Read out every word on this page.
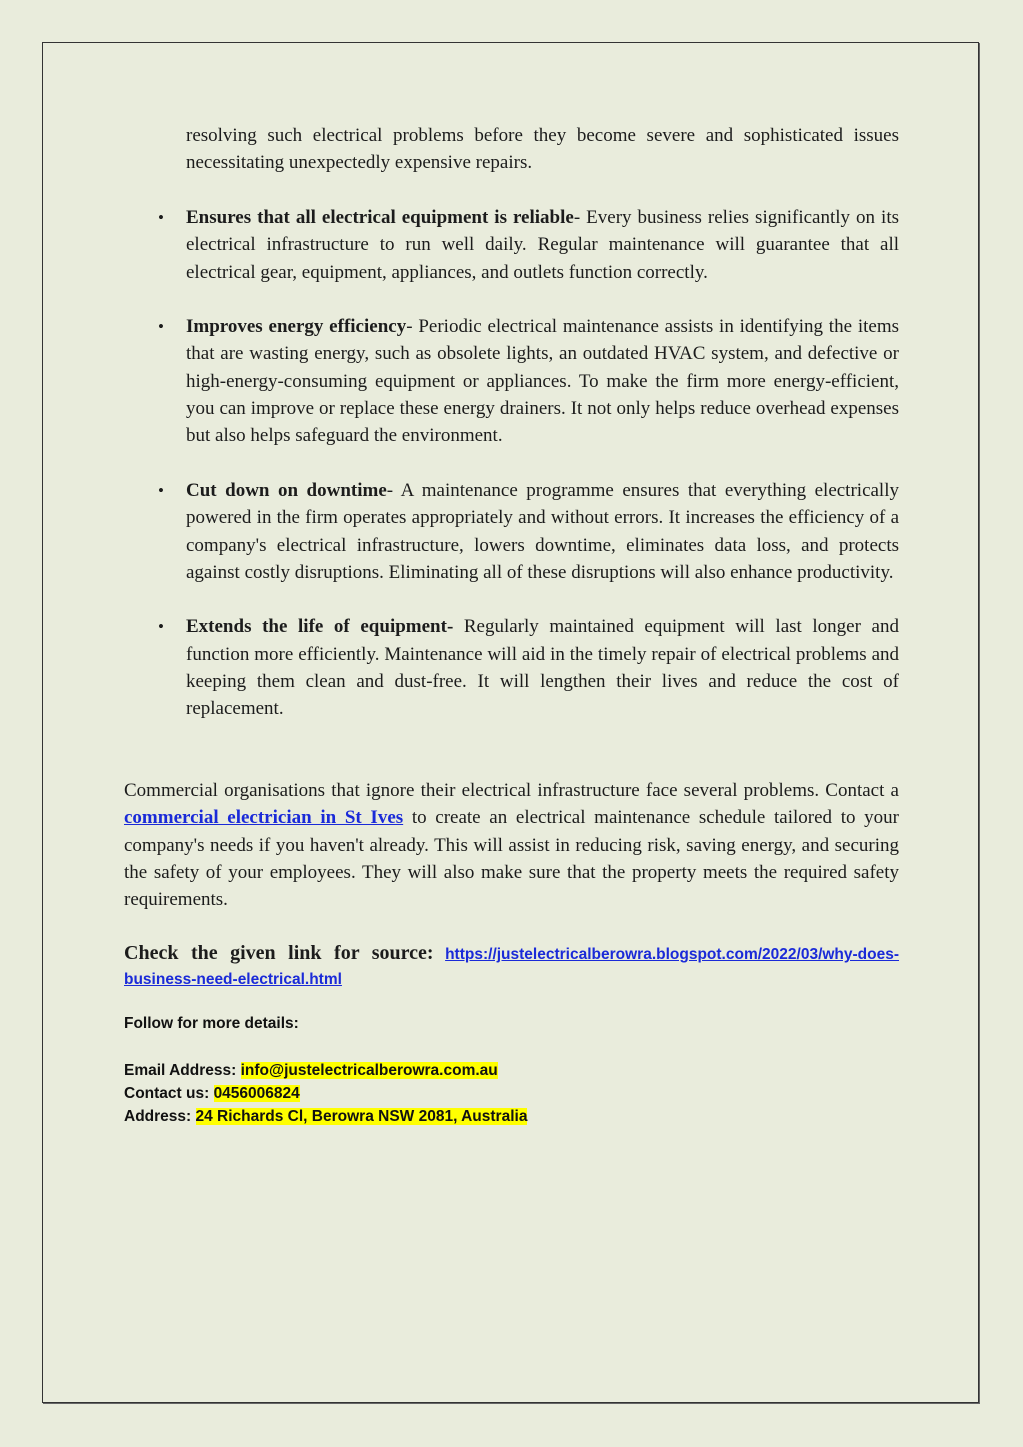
resolving such electrical problems before they become severe and sophisticated issues necessitating unexpectedly expensive repairs.

• Ensures that all electrical equipment is reliable- Every business relies significantly on its electrical infrastructure to run well daily. Regular maintenance will guarantee that all electrical gear, equipment, appliances, and outlets function correctly.
• Improves energy efficiency- Periodic electrical maintenance assists in identifying the items that are wasting energy, such as obsolete lights, an outdated HVAC system, and defective or high-energy-consuming equipment or appliances. To make the firm more energy-efficient, you can improve or replace these energy drainers. It not only helps reduce overhead expenses but also helps safeguard the environment.
• Cut down on downtime- A maintenance programme ensures that everything electrically powered in the firm operates appropriately and without errors. It increases the efficiency of a company's electrical infrastructure, lowers downtime, eliminates data loss, and protects against costly disruptions. Eliminating all of these disruptions will also enhance productivity.
• Extends the life of equipment- Regularly maintained equipment will last longer and function more efficiently. Maintenance will aid in the timely repair of electrical problems and keeping them clean and dust-free. It will lengthen their lives and reduce the cost of replacement.

Commercial organisations that ignore their electrical infrastructure face several problems. Contact a commercial electrician in St Ives to create an electrical maintenance schedule tailored to your company's needs if you haven't already. This will assist in reducing risk, saving energy, and securing the safety of your employees. They will also make sure that the property meets the required safety requirements.

Check the given link for source: https://justelectricalberowra.blogspot.com/2022/03/why-does-business-need-electrical.html

Follow for more details:
Email Address: info@justelectricalberowra.com.au
Contact us: 0456006824
Address: 24 Richards Cl, Berowra NSW 2081, Australia
